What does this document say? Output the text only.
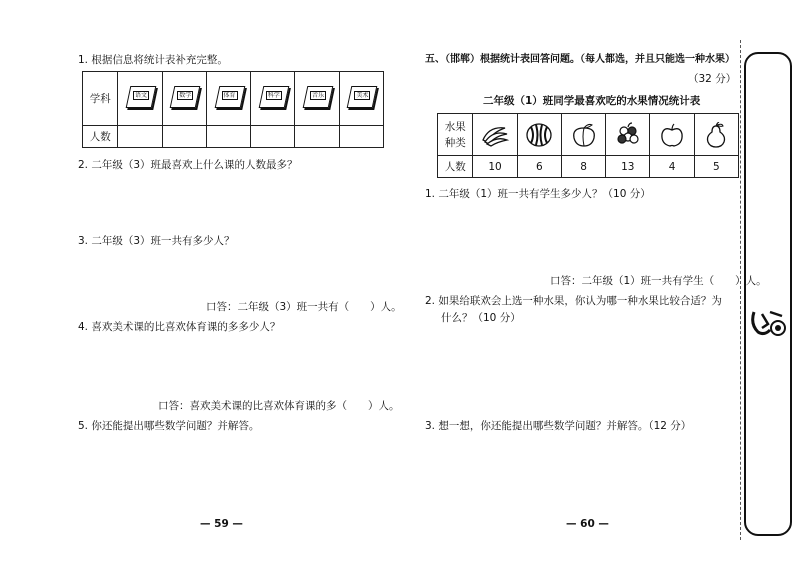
1. 根据信息将统计表补充完整。
学科	语文	数学	体育	科学	音乐	美术

人数						
2. 二年级（3）班最喜欢上什么课的人数最多？
3. 二年级（3）班一共有多少人？
口答：二年级（3）班一共有（　　）人。
4. 喜欢美术课的比喜欢体育课的多多少人？
口答：喜欢美术课的比喜欢体育课的多（　　）人。
5. 你还能提出哪些数学问题？并解答。
— 59 —
五、（邯郸）根据统计表回答问题。（每人都选，并且只能选一种水果）
（32 分）
二年级（1）班同学最喜欢吃的水果情况统计表
水果
种类

人数	10	6	8	13	4	5
1. 二年级（1）班一共有学生多少人？（10 分）
口答：二年级（1）班一共有学生（　　）人。
2. 如果给联欢会上选一种水果，你认为哪一种水果比较合适？为
什么？（10 分）
3. 想一想，你还能提出哪些数学问题？并解答。（12 分）
— 60 —
